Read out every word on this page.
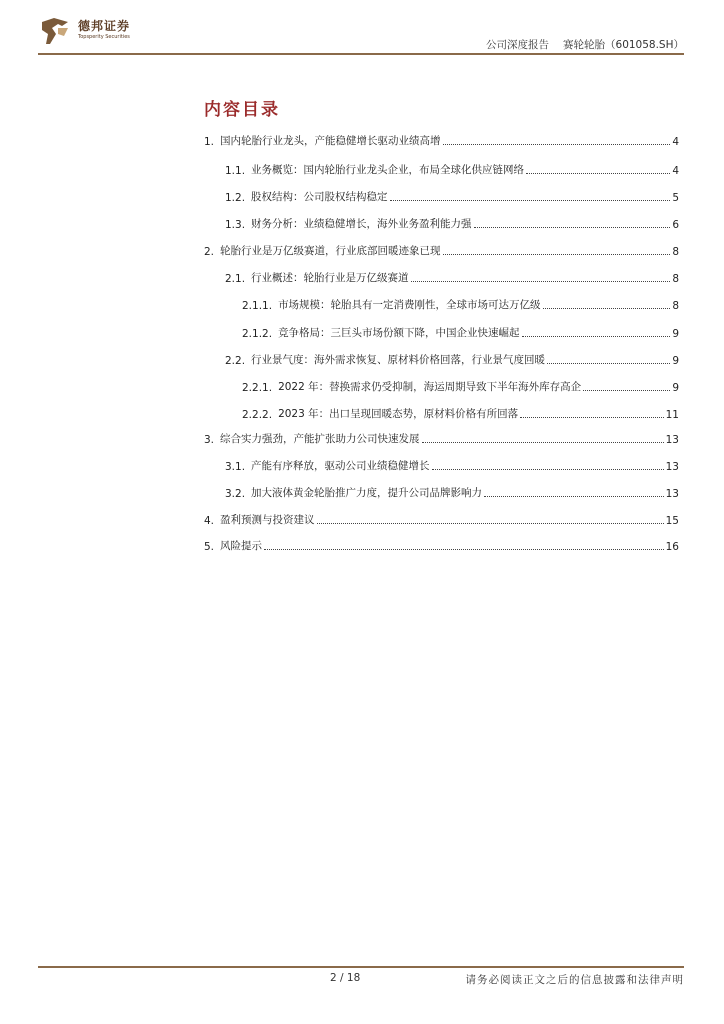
德邦证券
Topsperity Securities
公司深度报告 赛轮轮胎（601058.SH）
内容目录
1. 国内轮胎行业龙头，产能稳健增长驱动业绩高增	4
1.1. 业务概览：国内轮胎行业龙头企业，布局全球化供应链网络	4
1.2. 股权结构：公司股权结构稳定	5
1.3. 财务分析：业绩稳健增长，海外业务盈利能力强	6
2. 轮胎行业是万亿级赛道，行业底部回暖迹象已现	8
2.1. 行业概述：轮胎行业是万亿级赛道	8
2.1.1. 市场规模：轮胎具有一定消费刚性，全球市场可达万亿级	8
2.1.2. 竞争格局：三巨头市场份额下降，中国企业快速崛起	9
2.2. 行业景气度：海外需求恢复、原材料价格回落，行业景气度回暖	9
2.2.1. 2022 年：替换需求仍受抑制，海运周期导致下半年海外库存高企	9
2.2.2. 2023 年：出口呈现回暖态势，原材料价格有所回落	11
3. 综合实力强劲，产能扩张助力公司快速发展	13
3.1. 产能有序释放，驱动公司业绩稳健增长	13
3.2. 加大液体黄金轮胎推广力度，提升公司品牌影响力	13
4. 盈利预测与投资建议	15
5. 风险提示	16
2 / 18	请务必阅读正文之后的信息披露和法律声明
